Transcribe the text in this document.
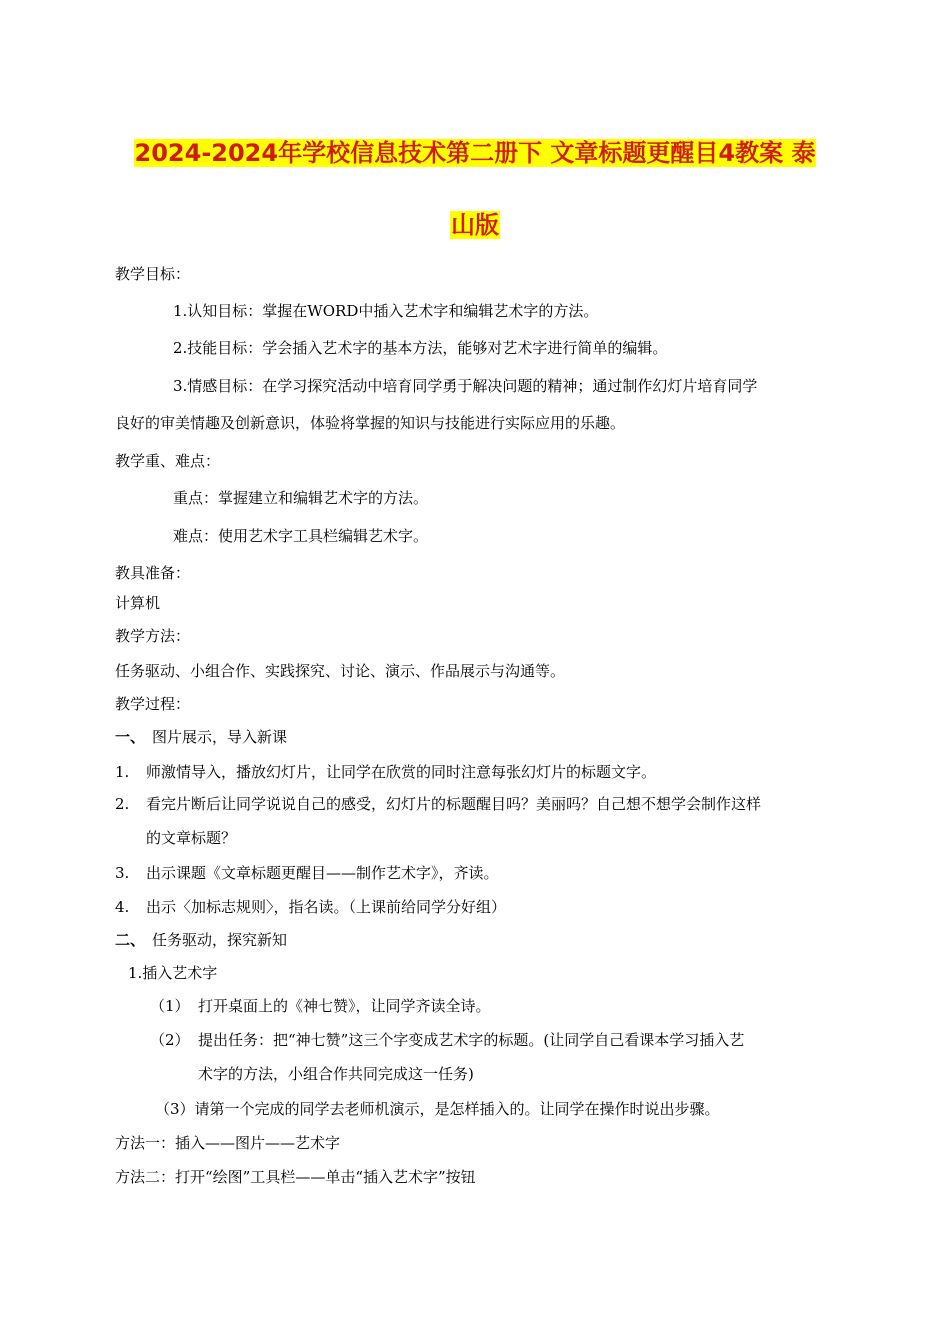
2024-2024年学校信息技术第二册下 文章标题更醒目4教案 泰
山版
教学目标：
1.认知目标：掌握在WORD中插入艺术字和编辑艺术字的方法。
2.技能目标：学会插入艺术字的基本方法，能够对艺术字进行简单的编辑。
3.情感目标：在学习探究活动中培育同学勇于解决问题的精神；通过制作幻灯片培育同学
良好的审美情趣及创新意识，体验将掌握的知识与技能进行实际应用的乐趣。
教学重、难点：
重点：掌握建立和编辑艺术字的方法。
难点：使用艺术字工具栏编辑艺术字。
教具准备：
计算机
教学方法：
任务驱动、小组合作、实践探究、讨论、演示、作品展示与沟通等。
教学过程：
一、 图片展示，导入新课
1. 师激情导入，播放幻灯片，让同学在欣赏的同时注意每张幻灯片的标题文字。
2. 看完片断后让同学说说自己的感受，幻灯片的标题醒目吗？美丽吗？自己想不想学会制作这样
的文章标题？
3. 出示课题《文章标题更醒目——制作艺术字》，齐读。
4. 出示〈加标志规则〉，指名读。（上课前给同学分好组）
二、 任务驱动，探究新知
1.插入艺术字
（1） 打开桌面上的《神七赞》，让同学齐读全诗。
（2） 提出任务：把“神七赞”这三个字变成艺术字的标题。(让同学自己看课本学习插入艺
术字的方法，小组合作共同完成这一任务)
（3）请第一个完成的同学去老师机演示，是怎样插入的。让同学在操作时说出步骤。
方法一：插入——图片——艺术字
方法二：打开“绘图”工具栏——单击“插入艺术字”按钮
